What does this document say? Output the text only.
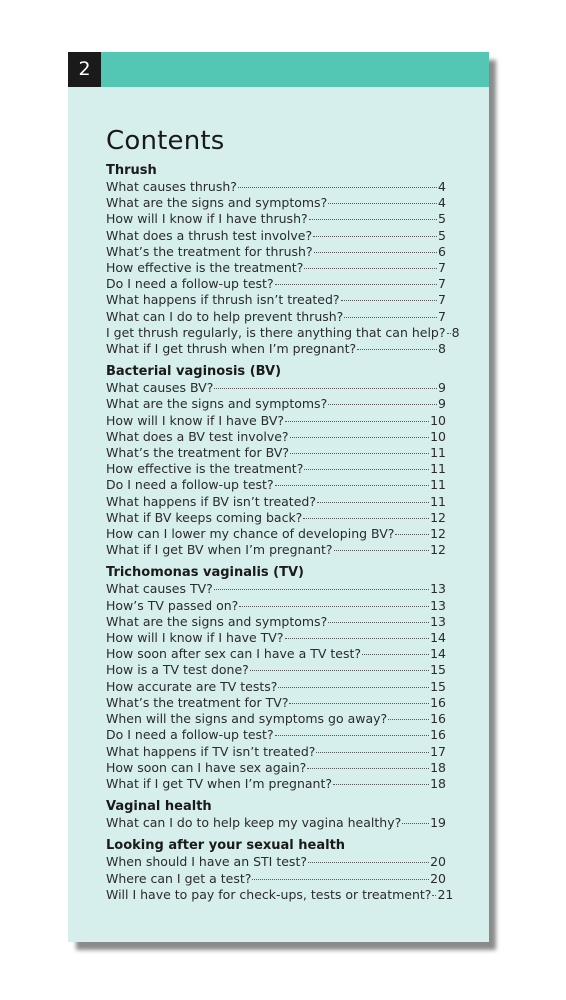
2
Contents
Thrush
What causes thrush?	4
What are the signs and symptoms?	4
How will I know if I have thrush?	5
What does a thrush test involve?	5
What’s the treatment for thrush?	6
How effective is the treatment?	7
Do I need a follow-up test?	7
What happens if thrush isn’t treated?	7
What can I do to help prevent thrush?	7
I get thrush regularly, is there anything that can help? 8
What if I get thrush when I’m pregnant?	8
Bacterial vaginosis (BV)
What causes BV?	9
What are the signs and symptoms?	9
How will I know if I have BV?	10
What does a BV test involve?	10
What’s the treatment for BV?	11
How effective is the treatment?	11
Do I need a follow-up test?	11
What happens if BV isn’t treated?	11
What if BV keeps coming back?	12
How can I lower my chance of developing BV?	12
What if I get BV when I’m pregnant?	12
Trichomonas vaginalis (TV)
What causes TV?	13
How’s TV passed on?	13
What are the signs and symptoms?	13
How will I know if I have TV?	14
How soon after sex can I have a TV test?	14
How is a TV test done?	15
How accurate are TV tests?	15
What’s the treatment for TV?	16
When will the signs and symptoms go away?	16
Do I need a follow-up test?	16
What happens if TV isn’t treated?	17
How soon can I have sex again?	18
What if I get TV when I’m pregnant?	18
Vaginal health
What can I do to help keep my vagina healthy? 19
Looking after your sexual health
When should I have an STI test?	20
Where can I get a test?	20
Will I have to pay for check-ups, tests or treatment? 21
